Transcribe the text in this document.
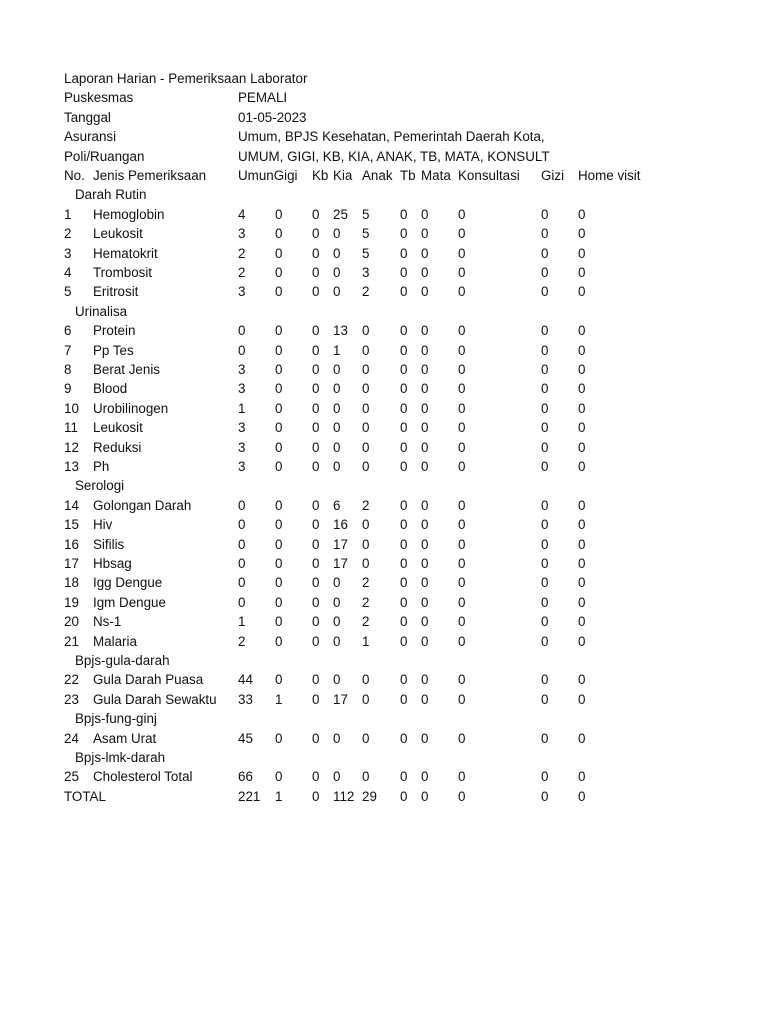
Laporan Harian - Pemeriksaan Laborator
Puskesmas	PEMALI
Tanggal	01-05-2023
Asuransi	Umum, BPJS Kesehatan, Pemerintah Daerah Kota,
Poli/Ruangan	UMUM, GIGI, KB, KIA, ANAK, TB, MATA, KONSULT
No. Jenis Pemeriksaan UmunGigi Kb Kia Anak Tb Mata Konsultasi Gizi Home visit
Darah Rutin
1 Hemoglobin	4 0 0 25 5 0 0 0	0 0
2 Leukosit	3 0 0 0 5 0 0 0	0 0
3 Hematokrit	2 0 0 0 5 0 0 0	0 0
4 Trombosit	2 0 0 0 3 0 0 0	0 0
5 Eritrosit	3 0 0 0 2 0 0 0	0 0
Urinalisa
6 Protein	0 0 0 13 0 0 0 0	0 0
7 Pp Tes	0 0 0 1 0 0 0 0	0 0
8 Berat Jenis	3 0 0 0 0 0 0 0	0 0
9 Blood	3 0 0 0 0 0 0 0	0 0
10 Urobilinogen	1 0 0 0 0 0 0 0	0 0
11 Leukosit	3 0 0 0 0 0 0 0	0 0
12 Reduksi	3 0 0 0 0 0 0 0	0 0
13 Ph	3 0 0 0 0 0 0 0	0 0
Serologi
14 Golongan Darah	0 0 0 6 2 0 0 0	0 0
15 Hiv	0 0 0 16 0 0 0 0	0 0
16 Sifilis	0 0 0 17 0 0 0 0	0 0
17 Hbsag	0 0 0 17 0 0 0 0	0 0
18 Igg Dengue	0 0 0 0 2 0 0 0	0 0
19 Igm Dengue	0 0 0 0 2 0 0 0	0 0
20 Ns-1	1 0 0 0 2 0 0 0	0 0
21 Malaria	2 0 0 0 1 0 0 0	0 0
Bpjs-gula-darah
22 Gula Darah Puasa	44 0 0 0 0 0 0 0	0 0
23 Gula Darah Sewaktu 33 1 0 17 0 0 0 0	0 0
Bpjs-fung-ginj
24 Asam Urat	45 0 0 0 0 0 0 0	0 0
Bpjs-lmk-darah
25 Cholesterol Total	66 0 0 0 0 0 0 0	0 0
TOTAL	221 1 0 112 29 0 0 0	0 0
